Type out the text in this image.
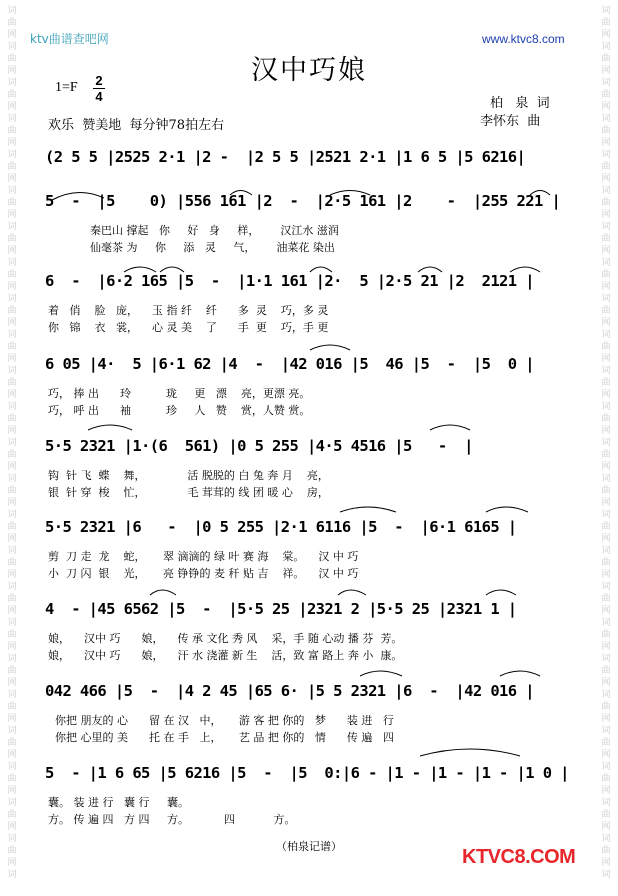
词
曲
网
词
曲
网
词
曲
网
词
曲
网
词
曲
网
词
曲
网
词
曲
网
词
曲
网
词
曲
网
词
曲
网
词
曲
网
词
曲
网
词
曲
网
词
曲
网
词
曲
网
词
曲
网
词
曲
网
词
曲
网
词
曲
网
词
曲
网
词
曲
网
词
曲
网
词
曲
网
词
曲
网
词
词
曲
网
词
曲
网
词
曲
网
词
曲
网
词
曲
网
词
曲
网
词
曲
网
词
曲
网
词
曲
网
词
曲
网
词
曲
网
词
曲
网
词
曲
网
词
曲
网
词
曲
网
词
曲
网
词
曲
网
词
曲
网
词
曲
网
词
曲
网
词
曲
网
词
曲
网
词
曲
网
词
曲
网
词
ktv曲谱查吧网	www.ktvc8.com
汉中巧娘
1=F 2
4
欢乐  赞美地  每分钟78拍左右
柏   泉  词
李怀东  曲
(2 5 5 |2525 2·1 |2 -  |2 5 5 |2521 2·1 |1 6 5 |5 6216|
5  -  |5    0) |556 161 |2  -  |2·5 161 |2    -  |255 221 |
秦巴山 撑起   你     好   身     样，      汉江水 滋润
仙毫茶 为     你     添   灵     气，      油菜花 染出
6  -  |6·2 165 |5  -  |1·1 161 |2·  5 |2·5 21 |2  2121 |
着   俏    脸   庞，    玉 指 纤    纤      多  灵    巧，多 灵
你   锦    衣   裳，    心 灵 美    了      手  更    巧，手 更
6 05 |4·  5 |6·1 62 |4  -  |42 016 |5  46 |5  -  |5  0 |
巧， 捧 出      玲          珑     更   漂    亮，更漂 亮。
巧， 呼 出      袖          珍     人   赞    赏，人赞 赏。
5·5 2321 |1·(6  561) |0 5 255 |4·5 4516 |5   -  |
钩  针 飞  蝶    舞，            活 脱脱的 白 兔 奔 月    亮，
银  针 穿  梭    忙，            毛 茸茸的 线 团 暖 心    房，
5·5 2321 |6   -  |0 5 255 |2·1 6116 |5  -  |6·1 6165 |
剪  刀 走  龙    蛇，     翠 滴滴的 绿 叶 赛 海    棠。    汉 中 巧
小  刀 闪  银    光，     亮 铮铮的 麦 秆 贴 吉    祥。    汉 中 巧
4  - |45 6562 |5  -  |5·5 25 |2321 2 |5·5 25 |2321 1 |
娘，    汉中 巧      娘，    传 承 文化 秀 风    采，手 随 心动 播 芬  芳。
娘，    汉中 巧      娘，    汗 水 浇灌 新 生    活，致 富 路上 奔 小  康。
042 466 |5  -  |4 2 45 |65 6· |5 5 2321 |6  -  |42 016 |
你把 朋友的 心      留 在 汉   中，     游 客 把 你的   梦      装 进   行
你把 心里的 美      托 在 手   上，     艺 品 把 你的   情      传 遍   四
5  - |1 6 65 |5 6216 |5  -  |5  0:|6 - |1 - |1 - |1 - |1 0 |
囊。 装 进 行   囊 行     囊。
方。 传 遍 四   方 四     方。          四           方。
（柏泉记谱）	KTVC8.COM
